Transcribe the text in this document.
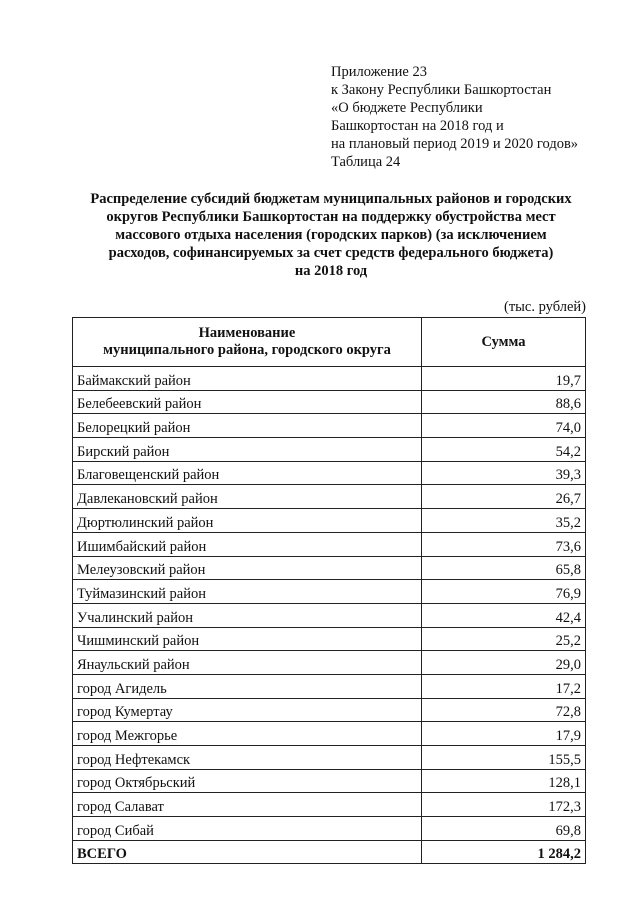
Приложение 23
к Закону Республики Башкортостан
«О бюджете Республики
Башкортостан на 2018 год и
на плановый период 2019 и 2020 годов»
Таблица 24
Распределение субсидий бюджетам муниципальных районов и городских
округов Республики Башкортостан на поддержку обустройства мест
массового отдыха населения (городских парков) (за исключением
расходов, софинансируемых за счет средств федерального бюджета)
на 2018 год
(тыс. рублей)
Наименование
муниципального района, городского округа	Сумма
Баймакский район	19,7
Белебеевский район	88,6
Белорецкий район	74,0
Бирский район	54,2
Благовещенский район	39,3
Давлекановский район	26,7
Дюртюлинский район	35,2
Ишимбайский район	73,6
Мелеузовский район	65,8
Туймазинский район	76,9
Учалинский район	42,4
Чишминский район	25,2
Янаульский район	29,0
город Агидель	17,2
город Кумертау	72,8
город Межгорье	17,9
город Нефтекамск	155,5
город Октябрьский	128,1
город Салават	172,3
город Сибай	69,8
ВСЕГО	1 284,2
